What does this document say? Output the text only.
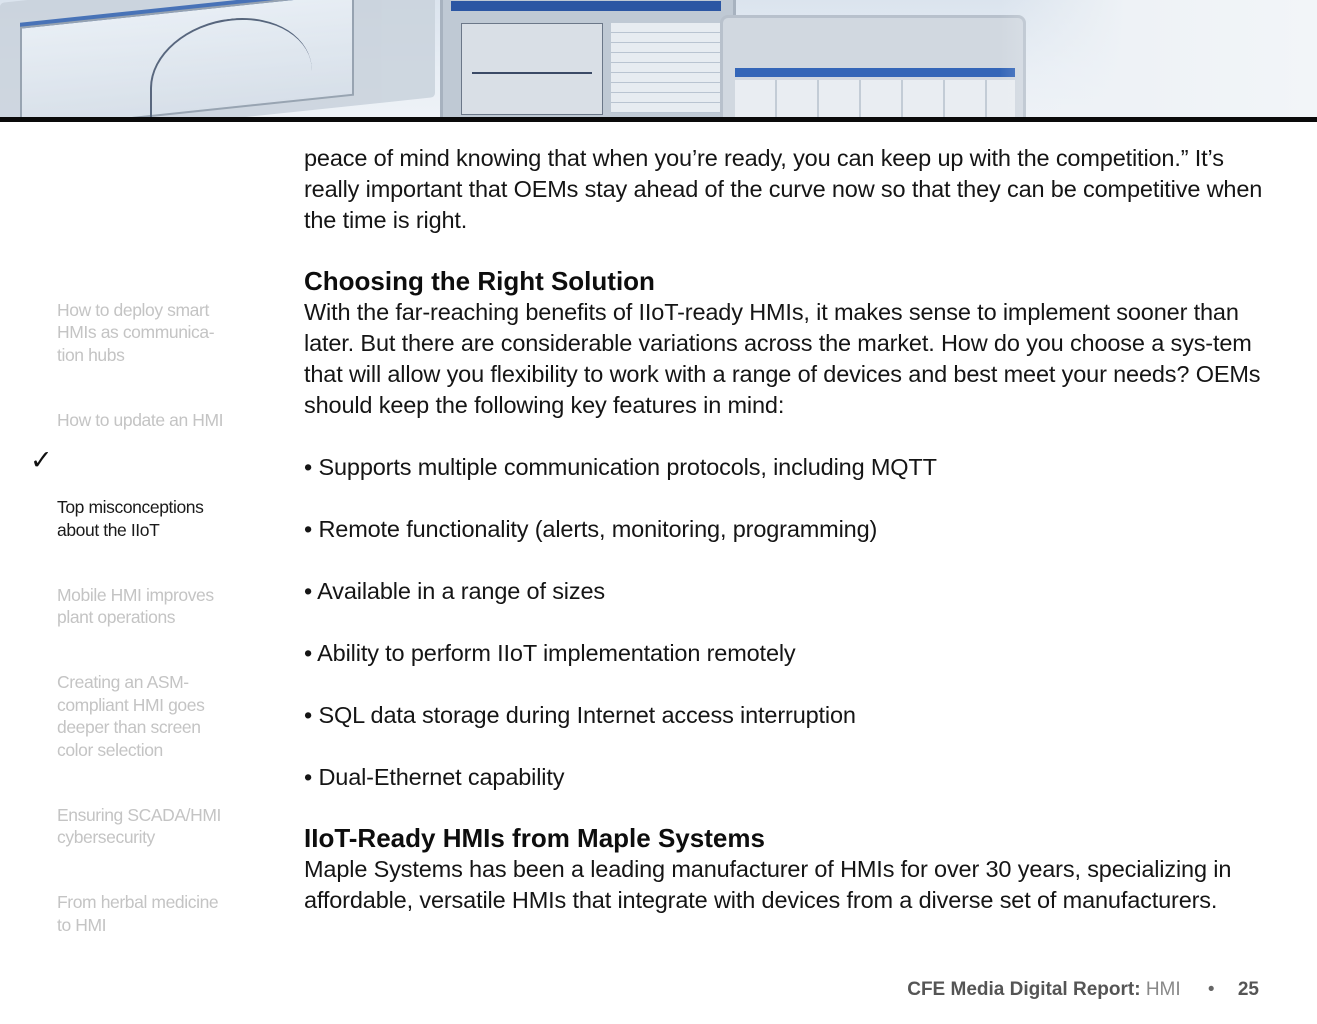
How to deploy smart
HMIs as communica-
tion hubs

How to update an HMI

✓

Top misconceptions
about the IIoT

Mobile HMI improves
plant operations

Creating an ASM-
compliant HMI goes
deeper than screen
color selection

Ensuring SCADA/HMI
cybersecurity

From herbal medicine
to HMI

peace of mind knowing that when you’re ready, you can keep up with the competition.” It’s really important that OEMs stay ahead of the curve now so that they can be competitive when the time is right.

Choosing the Right Solution

With the far-reaching benefits of IIoT-ready HMIs, it makes sense to implement sooner than later. But there are considerable variations across the market. How do you choose a sys-tem that will allow you flexibility to work with a range of devices and best meet your needs? OEMs should keep the following key features in mind:

• Supports multiple communication protocols, including MQTT

• Remote functionality (alerts, monitoring, programming)

• Available in a range of sizes

• Ability to perform IIoT implementation remotely

• SQL data storage during Internet access interruption

• Dual-Ethernet capability

IIoT-Ready HMIs from Maple Systems

Maple Systems has been a leading manufacturer of HMIs for over 30 years, specializing in affordable, versatile HMIs that integrate with devices from a diverse set of manufacturers.

CFE Media Digital Report: HMI • 25
